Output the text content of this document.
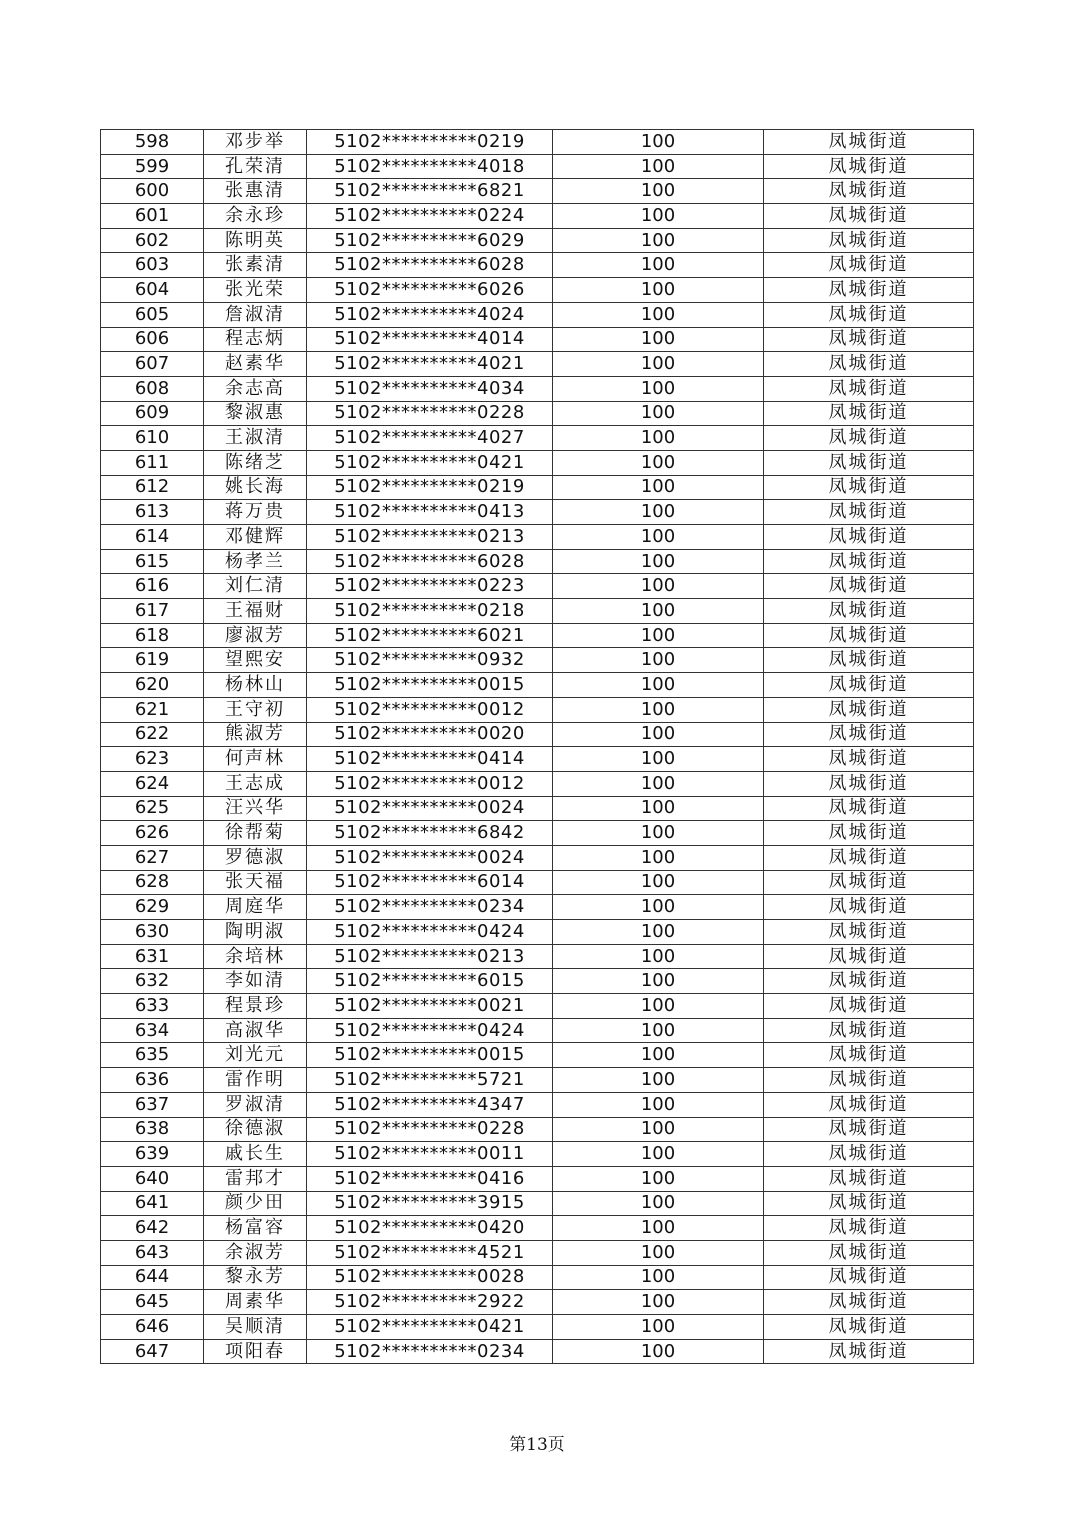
598	邓步举	5102**********0219	100	凤城街道
599	孔荣清	5102**********4018	100	凤城街道
600	张惠清	5102**********6821	100	凤城街道
601	余永珍	5102**********0224	100	凤城街道
602	陈明英	5102**********6029	100	凤城街道
603	张素清	5102**********6028	100	凤城街道
604	张光荣	5102**********6026	100	凤城街道
605	詹淑清	5102**********4024	100	凤城街道
606	程志炳	5102**********4014	100	凤城街道
607	赵素华	5102**********4021	100	凤城街道
608	余志高	5102**********4034	100	凤城街道
609	黎淑惠	5102**********0228	100	凤城街道
610	王淑清	5102**********4027	100	凤城街道
611	陈绪芝	5102**********0421	100	凤城街道
612	姚长海	5102**********0219	100	凤城街道
613	蒋万贵	5102**********0413	100	凤城街道
614	邓健辉	5102**********0213	100	凤城街道
615	杨孝兰	5102**********6028	100	凤城街道
616	刘仁清	5102**********0223	100	凤城街道
617	王福财	5102**********0218	100	凤城街道
618	廖淑芳	5102**********6021	100	凤城街道
619	望熙安	5102**********0932	100	凤城街道
620	杨林山	5102**********0015	100	凤城街道
621	王守初	5102**********0012	100	凤城街道
622	熊淑芳	5102**********0020	100	凤城街道
623	何声林	5102**********0414	100	凤城街道
624	王志成	5102**********0012	100	凤城街道
625	汪兴华	5102**********0024	100	凤城街道
626	徐帮菊	5102**********6842	100	凤城街道
627	罗德淑	5102**********0024	100	凤城街道
628	张天福	5102**********6014	100	凤城街道
629	周庭华	5102**********0234	100	凤城街道
630	陶明淑	5102**********0424	100	凤城街道
631	余培林	5102**********0213	100	凤城街道
632	李如清	5102**********6015	100	凤城街道
633	程景珍	5102**********0021	100	凤城街道
634	高淑华	5102**********0424	100	凤城街道
635	刘光元	5102**********0015	100	凤城街道
636	雷作明	5102**********5721	100	凤城街道
637	罗淑清	5102**********4347	100	凤城街道
638	徐德淑	5102**********0228	100	凤城街道
639	戚长生	5102**********0011	100	凤城街道
640	雷邦才	5102**********0416	100	凤城街道
641	颜少田	5102**********3915	100	凤城街道
642	杨富容	5102**********0420	100	凤城街道
643	余淑芳	5102**********4521	100	凤城街道
644	黎永芳	5102**********0028	100	凤城街道
645	周素华	5102**********2922	100	凤城街道
646	吴顺清	5102**********0421	100	凤城街道
647	项阳春	5102**********0234	100	凤城街道
第13页
